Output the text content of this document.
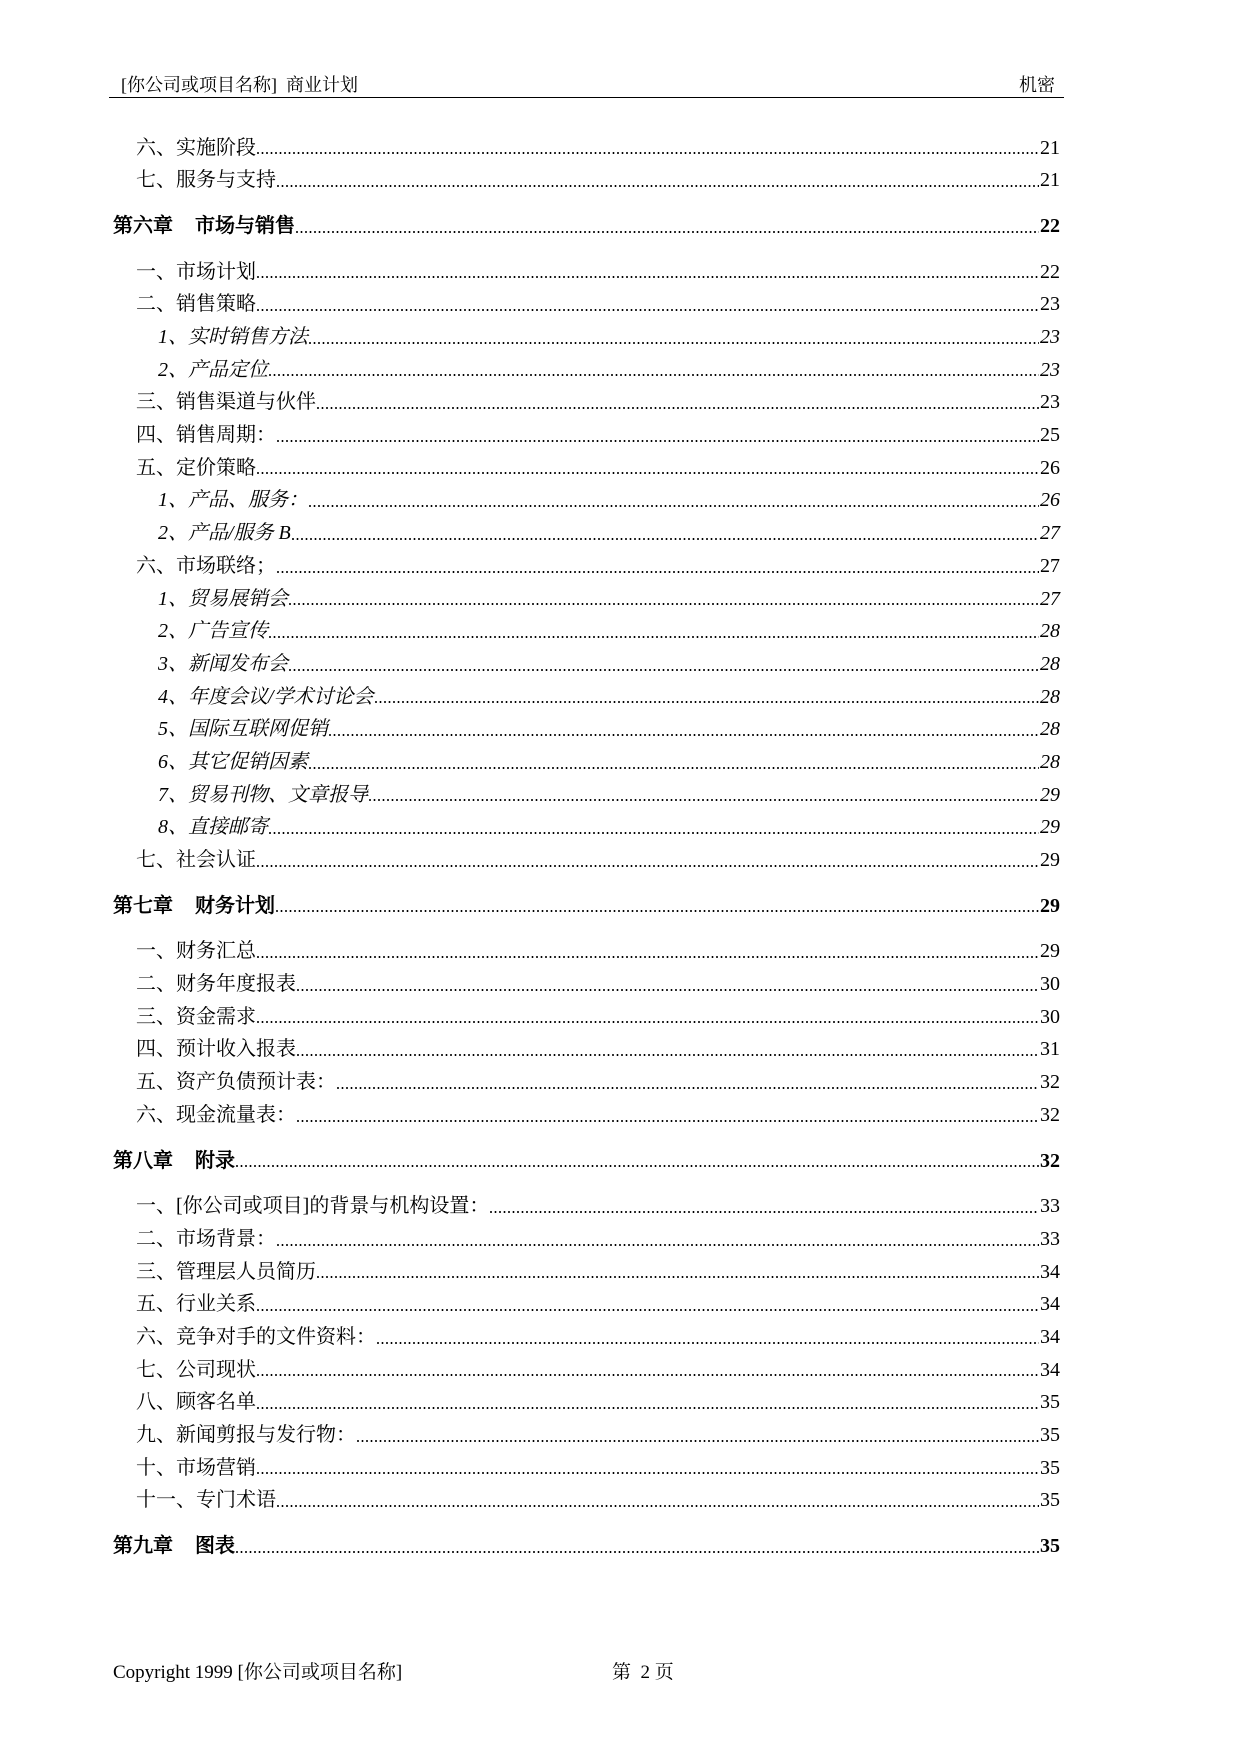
[你公司或项目名称]  商业计划	机密
六、实施阶段	21
七、服务与支持	21
第六章 市场与销售	22
一、市场计划	22
二、销售策略	23
1、实时销售方法	23
2、产品定位	23
三、销售渠道与伙伴	23
四、销售周期：	25
五、定价策略	26
1、产品、服务：	26
2、产品/服务 B	27
六、市场联络；	27
1、贸易展销会	27
2、广告宣传	28
3、新闻发布会	28
4、年度会议/学术讨论会	28
5、国际互联网促销	28
6、其它促销因素	28
7、贸易刊物、文章报导	29
8、直接邮寄	29
七、社会认证	29
第七章 财务计划	29
一、财务汇总	29
二、财务年度报表	30
三、资金需求	30
四、预计收入报表	31
五、资产负债预计表：	32
六、现金流量表：	32
第八章 附录	32
一、[你公司或项目]的背景与机构设置：	33
二、市场背景：	33
三、管理层人员简历	34
五、行业关系	34
六、竞争对手的文件资料：	34
七、公司现状	34
八、顾客名单	35
九、新闻剪报与发行物：	35
十、市场营销	35
十一、专门术语	35
第九章 图表	35
Copyright 1999 [你公司或项目名称]	第  2 页
